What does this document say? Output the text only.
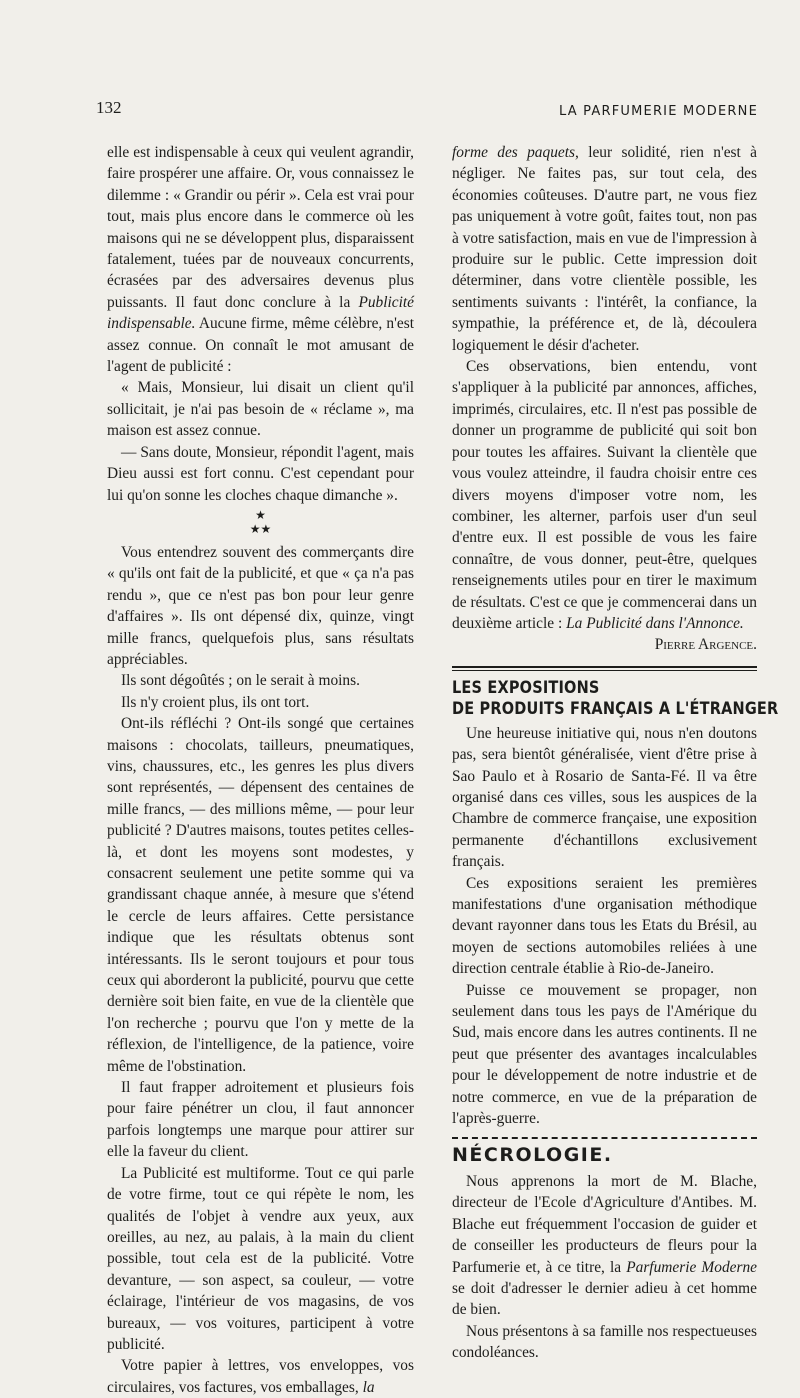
132	LA PARFUMERIE MODERNE

elle est indispensable à ceux qui veulent agrandir, faire prospérer une affaire. Or, vous connaissez le dilemme : « Grandir ou périr ». Cela est vrai pour tout, mais plus encore dans le commerce où les maisons qui ne se développent plus, disparaissent fatalement, tuées par de nouveaux concurrents, écrasées par des adversaires devenus plus puissants. Il faut donc conclure à la Publicité indispensable. Aucune firme, même célèbre, n'est assez connue. On connaît le mot amusant de l'agent de publicité :

« Mais, Monsieur, lui disait un client qu'il sollicitait, je n'ai pas besoin de « réclame », ma maison est assez connue.

— Sans doute, Monsieur, répondit l'agent, mais Dieu aussi est fort connu. C'est cependant pour lui qu'on sonne les cloches chaque dimanche ».

★
★★

Vous entendrez souvent des commerçants dire « qu'ils ont fait de la publicité, et que « ça n'a pas rendu », que ce n'est pas bon pour leur genre d'affaires ». Ils ont dépensé dix, quinze, vingt mille francs, quelquefois plus, sans résultats appréciables.

Ils sont dégoûtés ; on le serait à moins.

Ils n'y croient plus, ils ont tort.

Ont-ils réfléchi ? Ont-ils songé que certaines maisons : chocolats, tailleurs, pneumatiques, vins, chaussures, etc., les genres les plus divers sont représentés, — dépensent des centaines de mille francs, — des millions même, — pour leur publicité ? D'autres maisons, toutes petites celles-là, et dont les moyens sont modestes, y consacrent seulement une petite somme qui va grandissant chaque année, à mesure que s'étend le cercle de leurs affaires. Cette persistance indique que les résultats obtenus sont intéressants. Ils le seront toujours et pour tous ceux qui aborderont la publicité, pourvu que cette dernière soit bien faite, en vue de la clientèle que l'on recherche ; pourvu que l'on y mette de la réflexion, de l'intelligence, de la patience, voire même de l'obstination.

Il faut frapper adroitement et plusieurs fois pour faire pénétrer un clou, il faut annoncer parfois longtemps une marque pour attirer sur elle la faveur du client.

La Publicité est multiforme. Tout ce qui parle de votre firme, tout ce qui répète le nom, les qualités de l'objet à vendre aux yeux, aux oreilles, au nez, au palais, à la main du client possible, tout cela est de la publicité. Votre devanture, — son aspect, sa couleur, — votre éclairage, l'intérieur de vos magasins, de vos bureaux, — vos voitures, participent à votre publicité.

Votre papier à lettres, vos enveloppes, vos circulaires, vos factures, vos emballages, la

forme des paquets, leur solidité, rien n'est à négliger. Ne faites pas, sur tout cela, des économies coûteuses. D'autre part, ne vous fiez pas uniquement à votre goût, faites tout, non pas à votre satisfaction, mais en vue de l'impression à produire sur le public. Cette impression doit déterminer, dans votre clientèle possible, les sentiments suivants : l'intérêt, la confiance, la sympathie, la préférence et, de là, découlera logiquement le désir d'acheter.

Ces observations, bien entendu, vont s'appliquer à la publicité par annonces, affiches, imprimés, circulaires, etc. Il n'est pas possible de donner un programme de publicité qui soit bon pour toutes les affaires. Suivant la clientèle que vous voulez atteindre, il faudra choisir entre ces divers moyens d'imposer votre nom, les combiner, les alterner, parfois user d'un seul d'entre eux. Il est possible de vous les faire connaître, de vous donner, peut-être, quelques renseignements utiles pour en tirer le maximum de résultats. C'est ce que je commencerai dans un deuxième article : La Publicité dans l'Annonce.

Pierre Argence.

LES EXPOSITIONS
DE PRODUITS FRANÇAIS A L'ÉTRANGER

Une heureuse initiative qui, nous n'en doutons pas, sera bientôt généralisée, vient d'être prise à Sao Paulo et à Rosario de Santa-Fé. Il va être organisé dans ces villes, sous les auspices de la Chambre de commerce française, une exposition permanente d'échantillons exclusivement français.

Ces expositions seraient les premières manifestations d'une organisation méthodique devant rayonner dans tous les Etats du Brésil, au moyen de sections automobiles reliées à une direction centrale établie à Rio-de-Janeiro.

Puisse ce mouvement se propager, non seulement dans tous les pays de l'Amérique du Sud, mais encore dans les autres continents. Il ne peut que présenter des avantages incalculables pour le développement de notre industrie et de notre commerce, en vue de la préparation de l'après-guerre.

NÉCROLOGIE.

Nous apprenons la mort de M. Blache, directeur de l'Ecole d'Agriculture d'Antibes. M. Blache eut fréquemment l'occasion de guider et de conseiller les producteurs de fleurs pour la Parfumerie et, à ce titre, la Parfumerie Moderne se doit d'adresser le dernier adieu à cet homme de bien.

Nous présentons à sa famille nos respectueuses condoléances.
